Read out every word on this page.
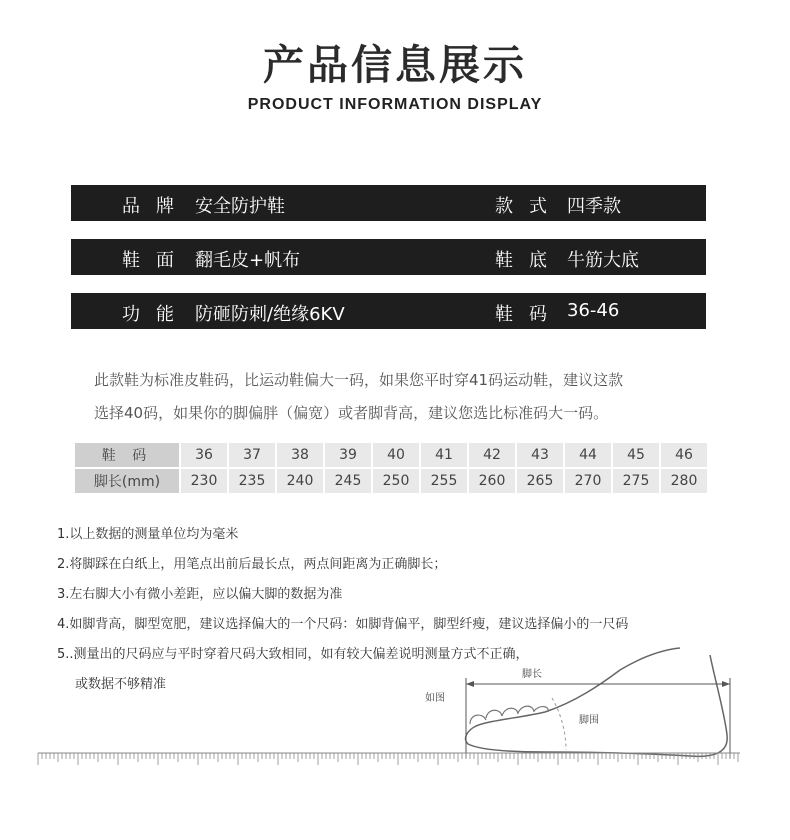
产品信息展示
PRODUCT INFORMATION DISPLAY
品牌 安全防护鞋	款式 四季款
鞋面 翻毛皮+帆布	鞋底 牛筋大底
功能 防砸防刺/绝缘6KV	鞋码 36-46
此款鞋为标准皮鞋码，比运动鞋偏大一码，如果您平时穿41码运动鞋，建议这款
选择40码，如果你的脚偏胖（偏宽）或者脚背高，建议您选比标准码大一码。
鞋 码	36	37	38	39	40	41	42	43	44	45	46
脚长(mm)	230	235	240	245	250	255	260	265	270	275	280
1.以上数据的测量单位均为毫米
2.将脚踩在白纸上，用笔点出前后最长点，两点间距离为正确脚长；
3.左右脚大小有微小差距，应以偏大脚的数据为准
4.如脚背高，脚型宽肥，建议选择偏大的一个尺码：如脚背偏平，脚型纤瘦，建议选择偏小的一尺码
5..测量出的尺码应与平时穿着尺码大致相同，如有较大偏差说明测量方式不正确，
或数据不够精准
如图
脚长
脚围
